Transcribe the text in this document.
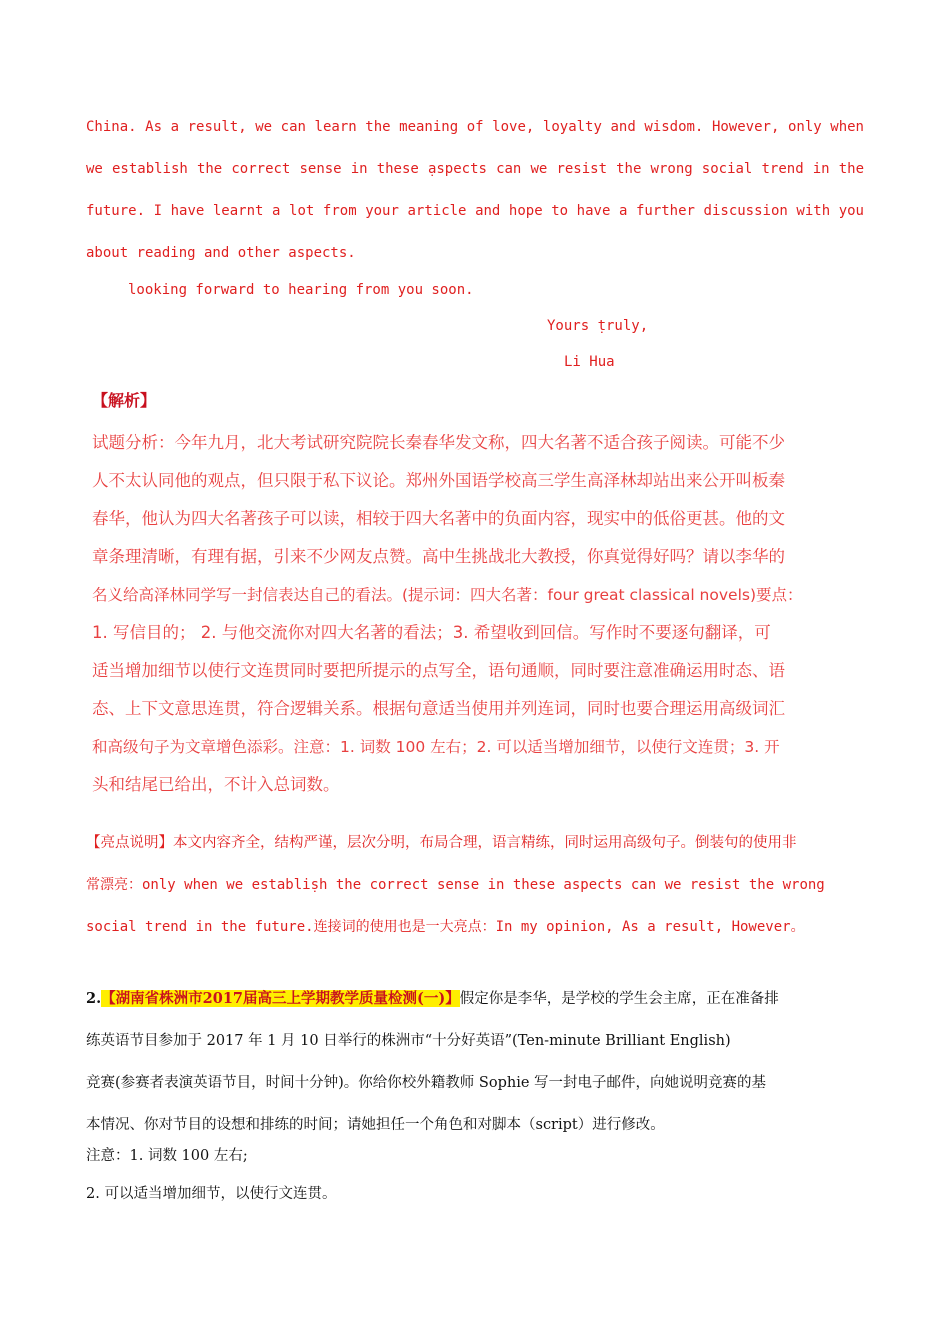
China. As a result, we can learn the meaning of love, loyalty and wisdom. However, only when

we establish the correct sense in these ạspects can we resist the wrong social trend in the

future. I have learnt a lot from your article and hope to have a further discussion with you

about reading and other aspects.

looking forward to hearing from you soon.
Yours ṭruly,
Li Hua
【解析】
试题分析：今年九月，北大考试研究院院长秦春华发文称，四大名著不适合孩子阅读。可能不少
人不太认同他的观点，但只限于私下议论。郑州外国语学校高三学生高泽林却站出来公开叫板秦
春华，他认为四大名著孩子可以读，相较于四大名著中的负面内容，现实中的低俗更甚。他的文
章条理清晰，有理有据，引来不少网友点赞。高中生挑战北大教授，你真觉得好吗？请以李华的
名义给高泽林同学写一封信表达自己的看法。(提示词：四大名著：four great classical novels)要点：
1. 写信目的； 2. 与他交流你对四大名著的看法；3. 希望收到回信。写作时不要逐句翻译，可
适当增加细节以使行文连贯同时要把所提示的点写全，语句通顺，同时要注意准确运用时态、语
态、上下文意思连贯，符合逻辑关系。根据句意适当使用并列连词，同时也要合理运用高级词汇
和高级句子为文章增色添彩。注意：1. 词数 100 左右；2. 可以适当增加细节，以使行文连贯；3. 开
头和结尾已给出，不计入总词数。
【亮点说明】本文内容齐全，结构严谨，层次分明，布局合理，语言精练，同时运用高级句子。倒装句的使用非
常漂亮：only when we establiṣh the correct sense in these aspects can we resist the wrong
social trend in the future.连接词的使用也是一大亮点：In my opinion, As a result, However。
2.【湖南省株洲市2017届高三上学期教学质量检测(一)】假定你是李华，是学校的学生会主席，正在准备排
练英语节目参加于 2017 年 1 月 10 日举行的株洲市“十分好英语”(Ten-minute Brilliant English)
竞赛(参赛者表演英语节目，时间十分钟)。你给你校外籍教师 Sophie 写一封电子邮件，向她说明竞赛的基
本情况、你对节目的设想和排练的时间；请她担任一个角色和对脚本（script）进行修改。
注意：1. 词数 100 左右;
2. 可以适当增加细节，以使行文连贯。
